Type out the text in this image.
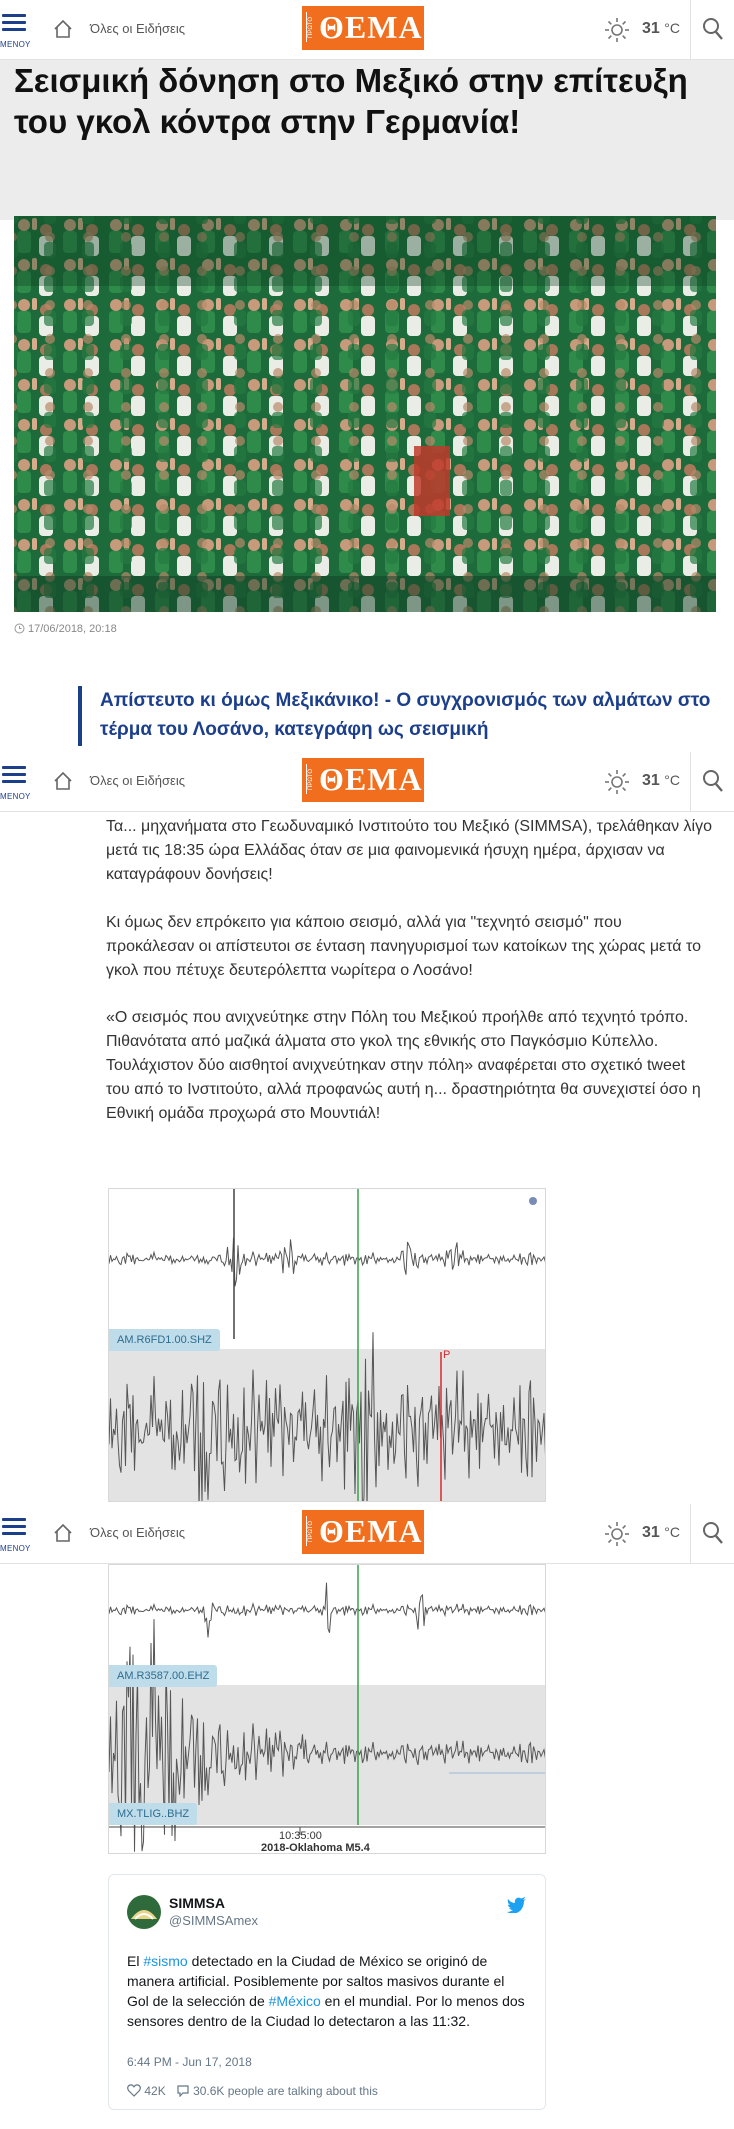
ΜΕΝΟΥ
Όλες οι Ειδήσεις	ΠΡΩΤΟ ΘΕΜΑ	31 °C
Σεισμική δόνηση στο Μεξικό στην επίτευξη του γκολ κόντρα στην Γερμανία!
17/06/2018, 20:18
Απίστευτο κι όμως Μεξικάνικο! - Ο συγχρονισμός των αλμάτων στο τέρμα του Λοσάνο, κατεγράφη ως σεισμική
ΜΕΝΟΥ
Όλες οι Ειδήσεις	ΠΡΩΤΟ ΘΕΜΑ	31 °C

Τα... μηχανήματα στο Γεωδυναμικό Ινστιτούτο του Μεξικό (SIMMSA), τρελάθηκαν λίγο μετά τις 18:35 ώρα Ελλάδας όταν σε μια φαινομενικά ήσυχη ημέρα, άρχισαν να καταγράφουν δονήσεις!

Κι όμως δεν επρόκειτο για κάποιο σεισμό, αλλά για "τεχνητό σεισμό" που προκάλεσαν οι απίστευτοι σε ένταση πανηγυρισμοί των κατοίκων της χώρας μετά το γκολ που πέτυχε δευτερόλεπτα νωρίτερα ο Λοσάνο!

«Ο σεισμός που ανιχνεύτηκε στην Πόλη του Μεξικού προήλθε από τεχνητό τρόπο. Πιθανότατα από μαζικά άλματα στο γκολ της εθνικής στο Παγκόσμιο Κύπελλο. Τουλάχιστον δύο αισθητοί ανιχνεύτηκαν στην πόλη» αναφέρεται στο σχετικό tweet του από το Ινστιτούτο, αλλά προφανώς αυτή η... δραστηριότητα θα συνεχιστεί όσο η Εθνική ομάδα προχωρά στο Μουντιάλ!

AM.R6FD1.00.SHZ
P
ΜΕΝΟΥ
Όλες οι Ειδήσεις	ΠΡΩΤΟ ΘΕΜΑ	31 °C
AM.R3587.00.EHZ
MX.TLIG..BHZ
10:35:00
2018-Oklahoma M5.4
SIMMSA
@SIMMSAmex
El #sismo detectado en la Ciudad de México se originó de manera artificial. Posiblemente por saltos masivos durante el Gol de la selección de #México en el mundial. Por lo menos dos sensores dentro de la Ciudad lo detectaron a las 11:32.
6:44 PM - Jun 17, 2018
42K 30.6K people are talking about this
